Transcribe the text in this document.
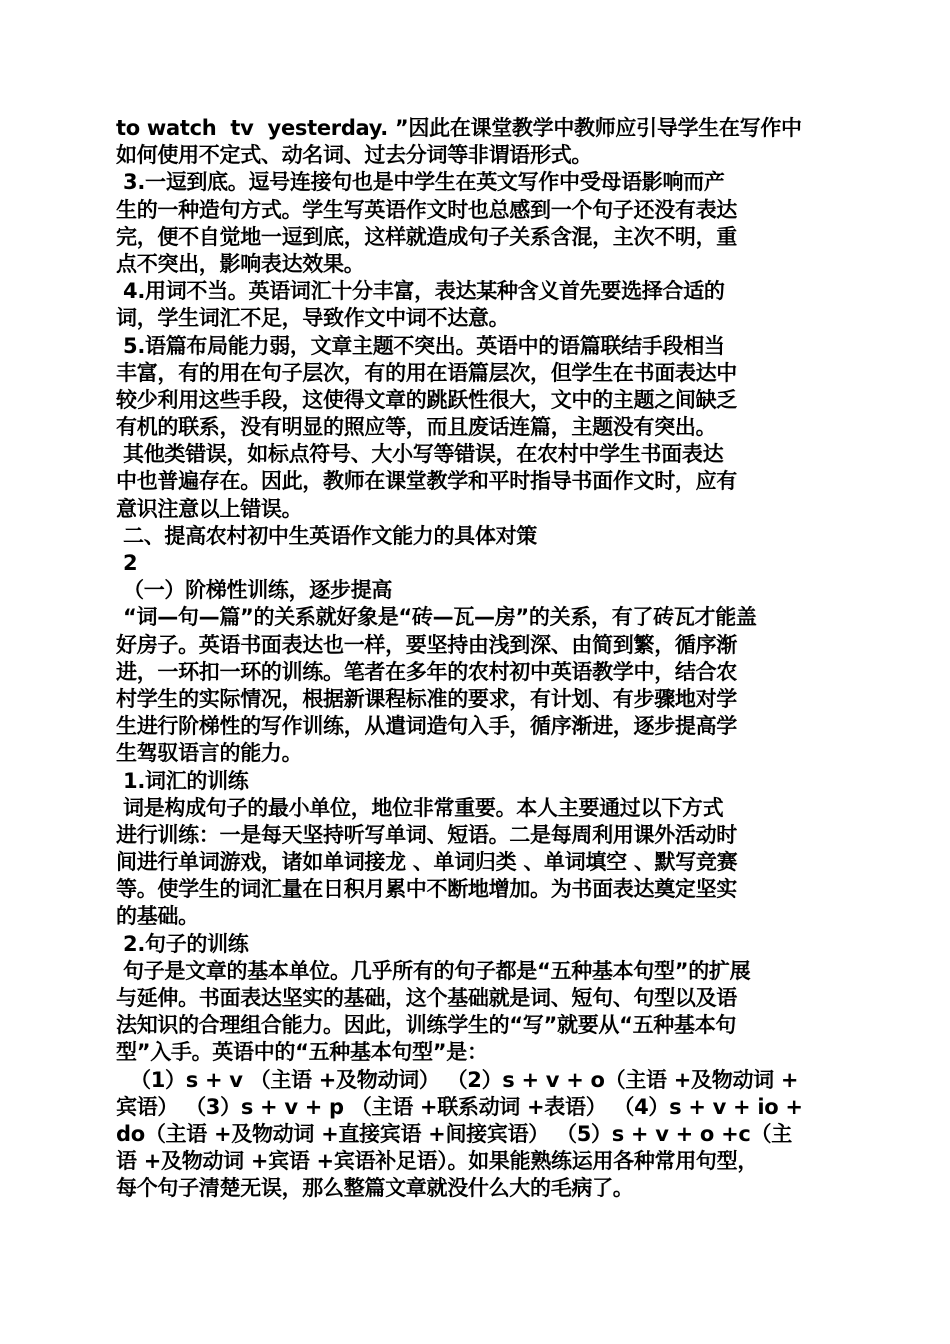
to watch  tv  yesterday. ”因此在课堂教学中教师应引导学生在写作中
如何使用不定式、动名词、过去分词等非谓语形式。
3.一逗到底。逗号连接句也是中学生在英文写作中受母语影响而产
生的一种造句方式。学生写英语作文时也总感到一个句子还没有表达
完，便不自觉地一逗到底，这样就造成句子关系含混，主次不明，重
点不突出，影响表达效果。
4.用词不当。英语词汇十分丰富，表达某种含义首先要选择合适的
词，学生词汇不足，导致作文中词不达意。
5.语篇布局能力弱，文章主题不突出。英语中的语篇联结手段相当
丰富，有的用在句子层次，有的用在语篇层次，但学生在书面表达中
较少利用这些手段，这使得文章的跳跃性很大，文中的主题之间缺乏
有机的联系，没有明显的照应等，而且废话连篇，主题没有突出。
其他类错误，如标点符号、大小写等错误，在农村中学生书面表达
中也普遍存在。因此，教师在课堂教学和平时指导书面作文时，应有
意识注意以上错误。
二、提高农村初中生英语作文能力的具体对策
2
（一）阶梯性训练，逐步提高
“词—句—篇”的关系就好象是“砖—瓦—房”的关系，有了砖瓦才能盖
好房子。英语书面表达也一样，要坚持由浅到深、由简到繁，循序渐
进，一环扣一环的训练。笔者在多年的农村初中英语教学中，结合农
村学生的实际情况，根据新课程标准的要求，有计划、有步骤地对学
生进行阶梯性的写作训练，从遣词造句入手，循序渐进，逐步提高学
生驾驭语言的能力。
1.词汇的训练
词是构成句子的最小单位，地位非常重要。本人主要通过以下方式
进行训练：一是每天坚持听写单词、短语。二是每周利用课外活动时
间进行单词游戏，诸如单词接龙 、单词归类 、单词填空 、默写竞赛
等。使学生的词汇量在日积月累中不断地增加。为书面表达奠定坚实
的基础。
2.句子的训练
句子是文章的基本单位。几乎所有的句子都是“五种基本句型”的扩展
与延伸。书面表达坚实的基础，这个基础就是词、短句、句型以及语
法知识的合理组合能力。因此，训练学生的“写”就要从“五种基本句
型”入手。英语中的“五种基本句型”是：
（1）s + v （主语 +及物动词） （2）s + v + o（主语 +及物动词 +
宾语） （3）s + v + p （主语 +联系动词 +表语） （4）s + v + io +
do（主语 +及物动词 +直接宾语 +间接宾语） （5）s + v + o +c（主
语 +及物动词 +宾语 +宾语补足语）。如果能熟练运用各种常用句型，
每个句子清楚无误，那么整篇文章就没什么大的毛病了。
